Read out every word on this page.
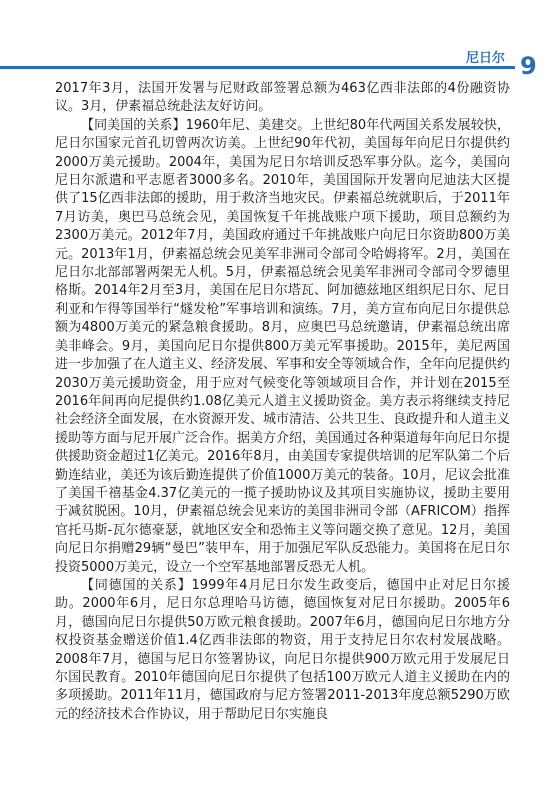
尼日尔 9

2017年3月，法国开发署与尼财政部签署总额为463亿西非法郎的4份融资协议。3月，伊素福总统赴法友好访问。

【同美国的关系】1960年尼、美建交。上世纪80年代两国关系发展较快，尼日尔国家元首孔切曾两次访美。上世纪90年代初，美国每年向尼日尔提供约2000万美元援助。2004年，美国为尼日尔培训反恐军事分队。迄今，美国向尼日尔派遣和平志愿者3000多名。2010年，美国国际开发署向尼迪法大区提供了15亿西非法郎的援助，用于救济当地灾民。伊素福总统就职后，于2011年7月访美，奥巴马总统会见，美国恢复千年挑战账户项下援助，项目总额约为2300万美元。2012年7月，美国政府通过千年挑战账户向尼日尔资助800万美元。2013年1月，伊素福总统会见美军非洲司令部司令哈姆将军。2月，美国在尼日尔北部部署两架无人机。5月，伊素福总统会见美军非洲司令部司令罗德里格斯。2014年2月至3月，美国在尼日尔塔瓦、阿加德兹地区组织尼日尔、尼日利亚和乍得等国举行“燧发枪”军事培训和演练。7月，美方宣布向尼日尔提供总额为4800万美元的紧急粮食援助。8月，应奥巴马总统邀请，伊素福总统出席美非峰会。9月，美国向尼日尔提供800万美元军事援助。2015年，美尼两国进一步加强了在人道主义、经济发展、军事和安全等领域合作，全年向尼提供约2030万美元援助资金，用于应对气候变化等领域项目合作，并计划在2015至2016年间再向尼提供约1.08亿美元人道主义援助资金。美方表示将继续支持尼社会经济全面发展，在水资源开发、城市清洁、公共卫生、良政提升和人道主义援助等方面与尼开展广泛合作。据美方介绍，美国通过各种渠道每年向尼日尔提供援助资金超过1亿美元。2016年8月，由美国专家提供培训的尼军队第二个后勤连结业，美还为该后勤连提供了价值1000万美元的装备。10月，尼议会批准了美国千禧基金4.37亿美元的一揽子援助协议及其项目实施协议，援助主要用于减贫脱困。10月，伊素福总统会见来访的美国非洲司令部（AFRICOM）指挥官托马斯-瓦尔德豪瑟，就地区安全和恐怖主义等问题交换了意见。12月，美国向尼日尔捐赠29辆“曼巴”装甲车，用于加强尼军队反恐能力。美国将在尼日尔投资5000万美元，设立一个空军基地部署反恐无人机。

【同德国的关系】1999年4月尼日尔发生政变后，德国中止对尼日尔援助。2000年6月，尼日尔总理哈马访德，德国恢复对尼日尔援助。2005年6月，德国向尼日尔提供50万欧元粮食援助。2007年6月，德国向尼日尔地方分权投资基金赠送价值1.4亿西非法郎的物资，用于支持尼日尔农村发展战略。2008年7月，德国与尼日尔签署协议，向尼日尔提供900万欧元用于发展尼日尔国民教育。2010年德国向尼日尔提供了包括100万欧元人道主义援助在内的多项援助。2011年11月，德国政府与尼方签署2011-2013年度总额5290万欧元的经济技术合作协议，用于帮助尼日尔实施良
